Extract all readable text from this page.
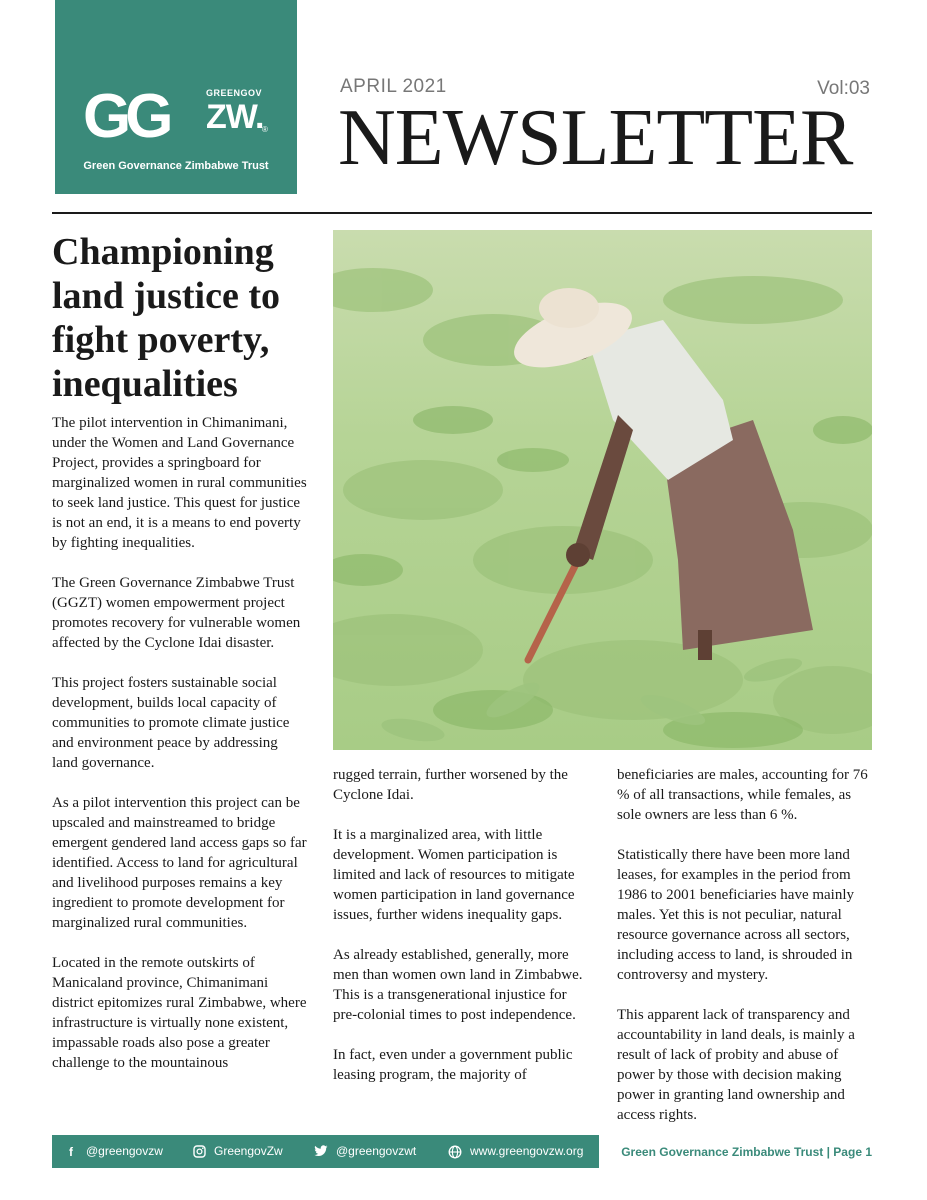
GG	GREENGOV
ZW.
®
Green Governance Zimbabwe Trust
APRIL 2021	Vol:03
NEWSLETTER
Championing land justice to fight poverty, inequalities

The pilot intervention in Chimanimani, under the Women and Land Governance Project, provides a springboard for marginalized women in rural communities to seek land justice. This quest for justice is not an end, it is a means to end poverty by fighting inequalities.

The Green Governance Zimbabwe Trust (GGZT) women empowerment project promotes recovery for vulnerable women affected by the Cyclone Idai disaster.

This project fosters sustainable social development, builds local capacity of communities to promote climate justice and environment peace by addressing land governance.

As a pilot intervention this project can be upscaled and mainstreamed to bridge emergent gendered land access gaps so far identified. Access to land for agricultural and livelihood purposes remains a key ingredient to promote development for marginalized rural communities.

Located in the remote outskirts of Manicaland province, Chimanimani district epitomizes rural Zimbabwe, where infrastructure is virtually none existent, impassable roads also pose a greater challenge to the mountainous

rugged terrain, further worsened by the Cyclone Idai.

It is a marginalized area, with little development. Women participation is limited and lack of resources to mitigate women participation in land governance issues, further widens inequality gaps.

As already established, generally, more men than women own land in Zimbabwe. This is a transgenerational injustice for pre-colonial times to post independence.

In fact, even under a government public leasing program, the majority of

beneficiaries are males, accounting for 76 % of all transactions, while females, as sole owners are less than 6 %.

Statistically there have been more land leases, for examples in the period from 1986 to 2001 beneficiaries have mainly males. Yet this is not peculiar, natural resource governance across all sectors, including access to land, is shrouded in controversy and mystery.

This apparent lack of transparency and accountability in land deals, is mainly a result of lack of probity and abuse of power by those with decision making power in granting land ownership and access rights.

f	@greengovzw	GreengovZw	@greengovzwt	www.greengovzw.org	Green Governance Zimbabwe Trust | Page 1
